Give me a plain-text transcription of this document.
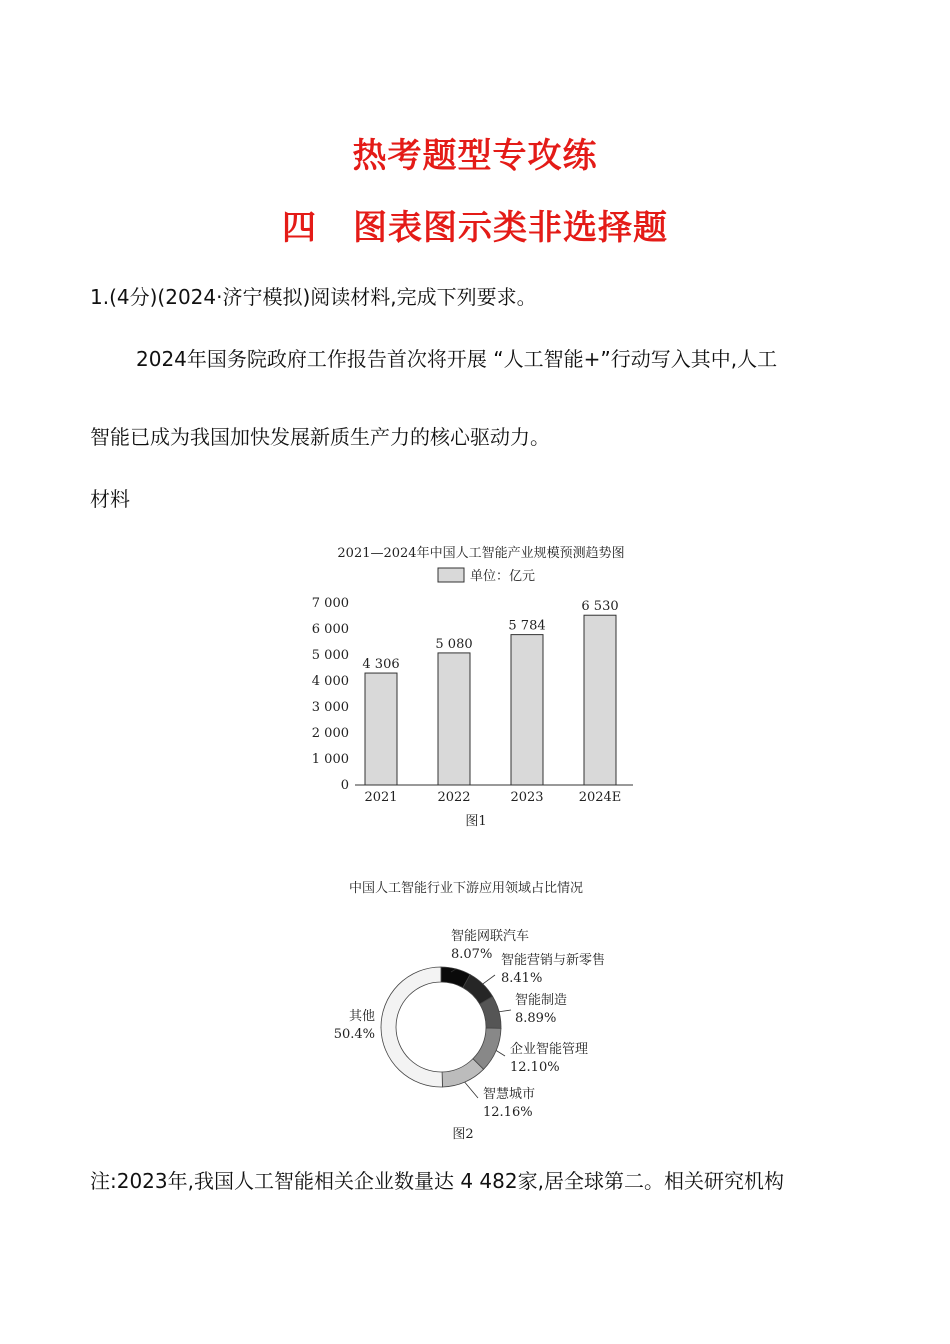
热考题型专攻练
四 图表图示类非选择题
1.(4分)(2024·济宁模拟)阅读材料,完成下列要求。
2024年国务院政府工作报告首次将开展 “人工智能+”行动写入其中,人工
智能已成为我国加快发展新质生产力的核心驱动力。
材料
2021—2024年中国人工智能产业规模预测趋势图
单位：亿元
7 000
6 000
5 000
4 000
3 000
2 000
1 000
0
4 306
2021
5 080
2022
5 784
2023
6 530
2024E
图1
中国人工智能行业下游应用领域占比情况
智能网联汽车
8.07% 智能营销与新零售
8.41%
智能制造
8.89%
企业智能管理
12.10%
智慧城市
12.16%
其他
50.4%
图2
注:2023年,我国人工智能相关企业数量达 4 482家,居全球第二。相关研究机构
